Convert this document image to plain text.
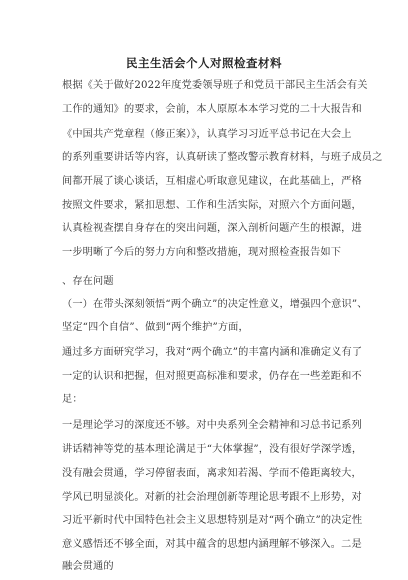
民主生活会个人对照检查材料
根据《关于做好2022年度党委领导班子和党员干部民主生活会有关
工作的通知》的要求，会前，本人原原本本学习党的二十大报告和
《中国共产党章程（修正案）》，认真学习习近平总书记在大会上
的系列重要讲话等内容，认真研读了整改警示教育材料，与班子成员之
间都开展了谈心谈话，互相虚心听取意见建议，在此基础上，严格
按照文件要求，紧扣思想、工作和生活实际，对照六个方面问题，
认真检视查摆自身存在的突出问题，深入剖析问题产生的根源，进
一步明晰了今后的努力方向和整改措施，现对照检查报告如下
、存在问题
（一）在带头深刻领悟“两个确立”的决定性意义，增强四个意识”、
坚定“四个自信”、做到“两个维护”方面，
通过多方面研究学习，我对“两个确立”的丰富内涵和准确定义有了
一定的认识和把握，但对照更高标准和要求，仍存在一些差距和不
足：
一是理论学习的深度还不够。对中央系列全会精神和习总书记系列
讲话精神等党的基本理论满足于“大体掌握”，没有很好学深学透，
没有融会贯通，学习停留表面，离求知若渴、学而不倦距离较大，
学风已明显淡化。对新的社会治理创新等理论思考跟不上形势，对
习近平新时代中国特色社会主义思想特别是对“两个确立”的决定性
意义感悟还不够全面，对其中蕴含的思想内涵理解不够深入。二是
融会贯通的
